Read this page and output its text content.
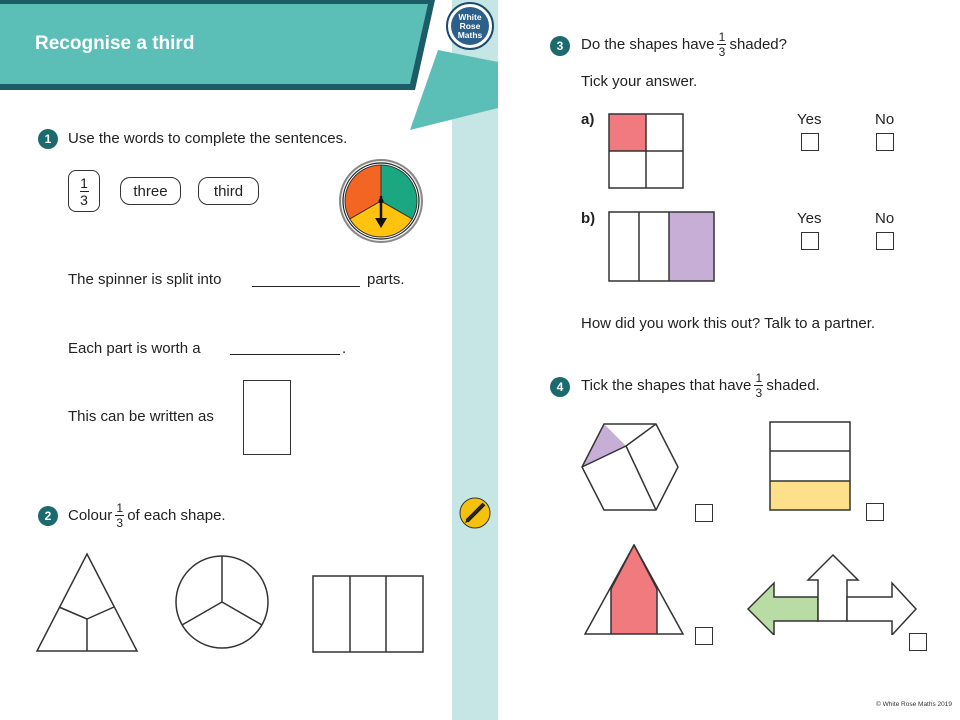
Recognise a third
White
Rose
Maths
1	Use the words to complete the sentences.
$\frac{1}{3}$	three	third
The spinner is split into	parts.
Each part is worth a	.
This can be written as
2	Colour $\frac{1}{3}$ of each shape.
3	Do the shapes have $\frac{1}{3}$ shaded?
Tick your answer.
a)	Yes	No
b)	Yes	No
How did you work this out? Talk to a partner.
4	Tick the shapes that have $\frac{1}{3}$ shaded.
© White Rose Maths 2019
